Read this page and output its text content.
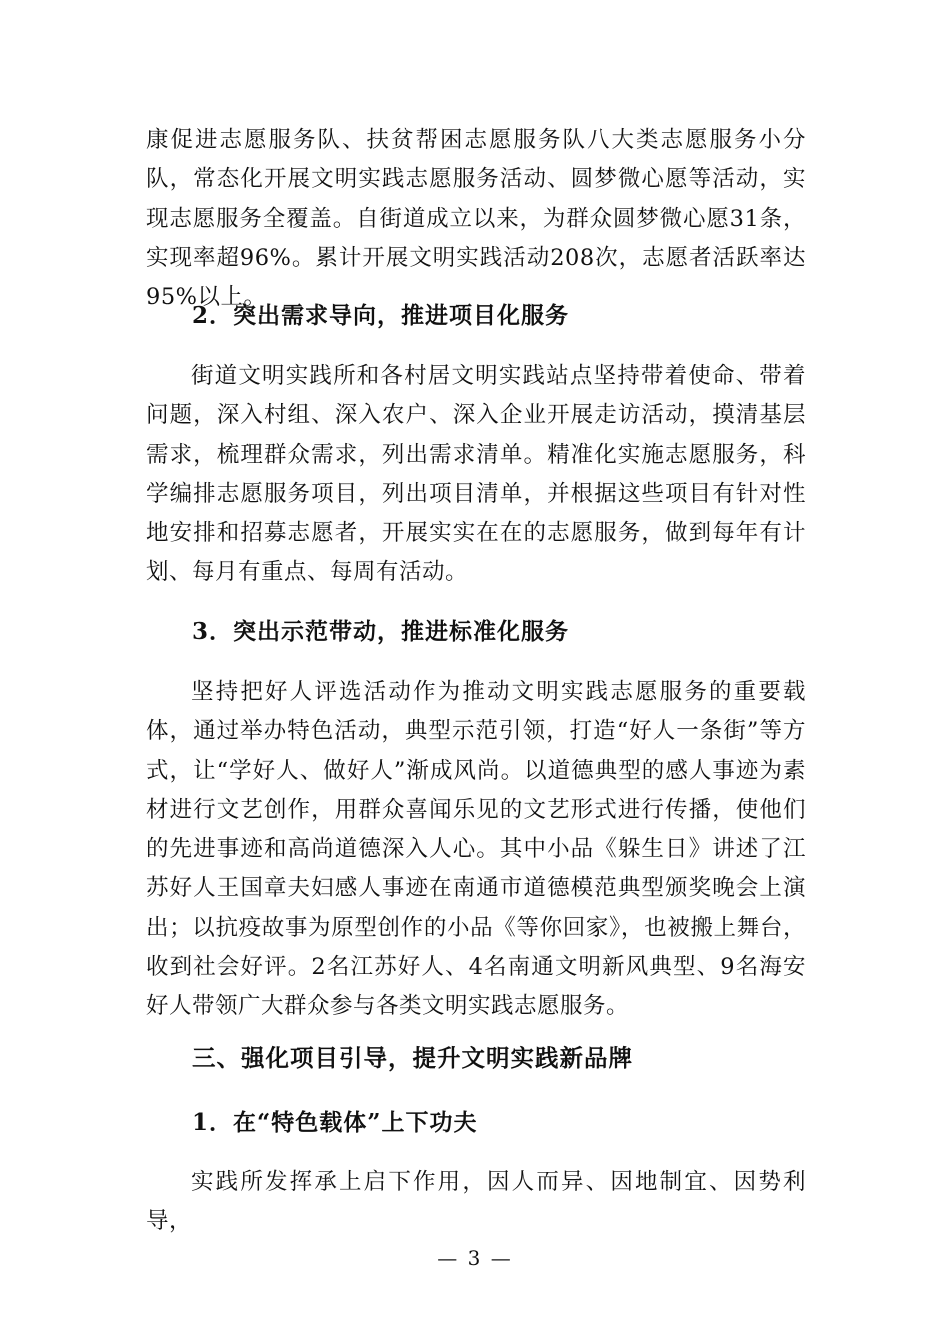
康促进志愿服务队、扶贫帮困志愿服务队八大类志愿服务小分队，常态化开展文明实践志愿服务活动、圆梦微心愿等活动，实现志愿服务全覆盖。自街道成立以来，为群众圆梦微心愿31条，实现率超96%。累计开展文明实践活动208次，志愿者活跃率达95%以上。

2．突出需求导向，推进项目化服务

街道文明实践所和各村居文明实践站点坚持带着使命、带着问题，深入村组、深入农户、深入企业开展走访活动，摸清基层需求，梳理群众需求，列出需求清单。精准化实施志愿服务，科学编排志愿服务项目，列出项目清单，并根据这些项目有针对性地安排和招募志愿者，开展实实在在的志愿服务，做到每年有计划、每月有重点、每周有活动。

3．突出示范带动，推进标准化服务

坚持把好人评选活动作为推动文明实践志愿服务的重要载体，通过举办特色活动，典型示范引领，打造“好人一条街”等方式，让“学好人、做好人”渐成风尚。以道德典型的感人事迹为素材进行文艺创作，用群众喜闻乐见的文艺形式进行传播，使他们的先进事迹和高尚道德深入人心。其中小品《躲生日》讲述了江苏好人王国章夫妇感人事迹在南通市道德模范典型颁奖晚会上演出；以抗疫故事为原型创作的小品《等你回家》，也被搬上舞台，收到社会好评。2名江苏好人、4名南通文明新风典型、9名海安好人带领广大群众参与各类文明实践志愿服务。

三、强化项目引导，提升文明实践新品牌
1．在“特色载体”上下功夫

实践所发挥承上启下作用，因人而异、因地制宜、因势利导，

— 3 —
